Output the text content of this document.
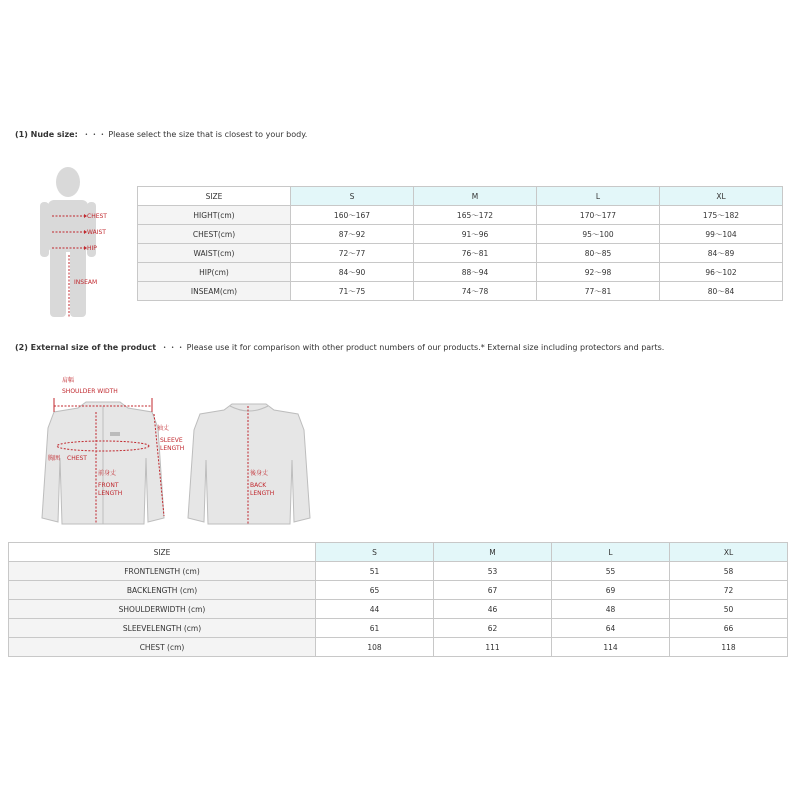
(1) Nude size: ・・・ Please select the size that is closest to your body.
CHEST
WAIST
HIP
INSEAM
SIZE	S	M	L	XL
HIGHT(cm)	160～167	165～172	170～177	175～182
CHEST(cm)	87～92	91～96	95～100	99～104
WAIST(cm)	72～77	76～81	80～85	84～89
HIP(cm)	84～90	88～94	92～98	96～102
INSEAM(cm)	71～75	74～78	77～81	80～84
(2) External size of the product ・・・ Please use it for comparison with other product numbers of our products.* External size including protectors and parts.
肩幅
SHOULDER WIDTH
袖丈
SLEEVE
LENGTH
胸囲 CHEST
前身丈
FRONT
LENGTH
後身丈
BACK
LENGTH
SIZE	S	M	L	XL
FRONTLENGTH (cm)	51	53	55	58
BACKLENGTH (cm)	65	67	69	72
SHOULDERWIDTH (cm)	44	46	48	50
SLEEVELENGTH (cm)	61	62	64	66
CHEST (cm)	108	111	114	118
